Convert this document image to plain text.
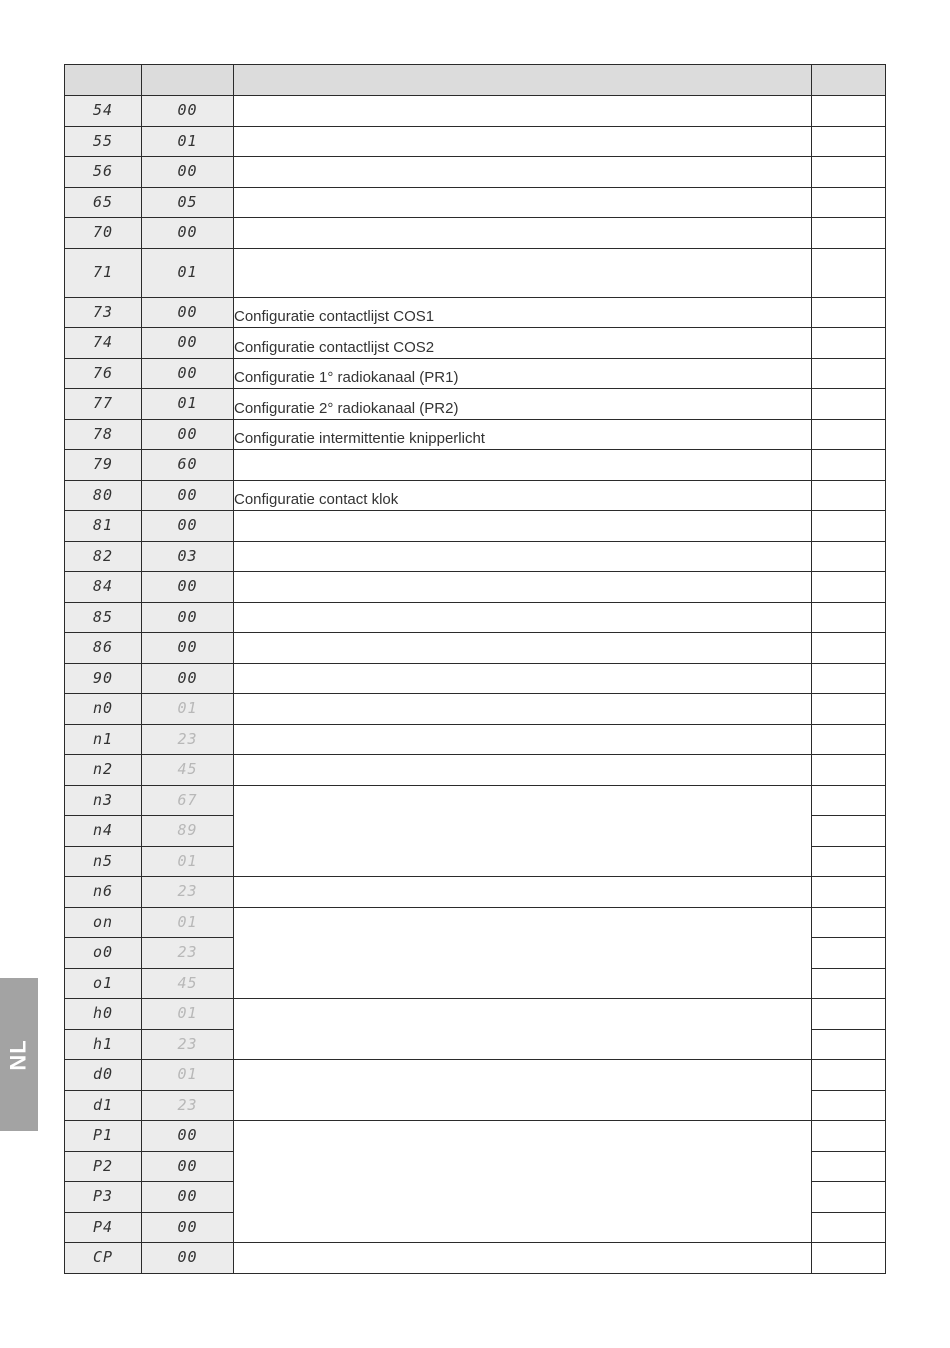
54	00		
55	01		
56	00		
65	05		
70	00		
71	01		
73	00	Configuratie contactlijst COS1	
74	00	Configuratie contactlijst COS2	
76	00	Configuratie 1° radiokanaal (PR1)	
77	01	Configuratie 2° radiokanaal (PR2)	
78	00	Configuratie intermittentie knipperlicht	
79	60		
80	00	Configuratie contact klok	
81	00		
82	03		
84	00		
85	00		
86	00		
90	00		
n0	01		
n1	23		
n2	45		
n3	67		
n4	89		
n5	01		
n6	23		
on	01		
o0	23		
o1	45		
h0	01		
h1	23		
d0	01		
d1	23		
P1	00		
P2	00		
P3	00		
P4	00		
CP	00		
NL
